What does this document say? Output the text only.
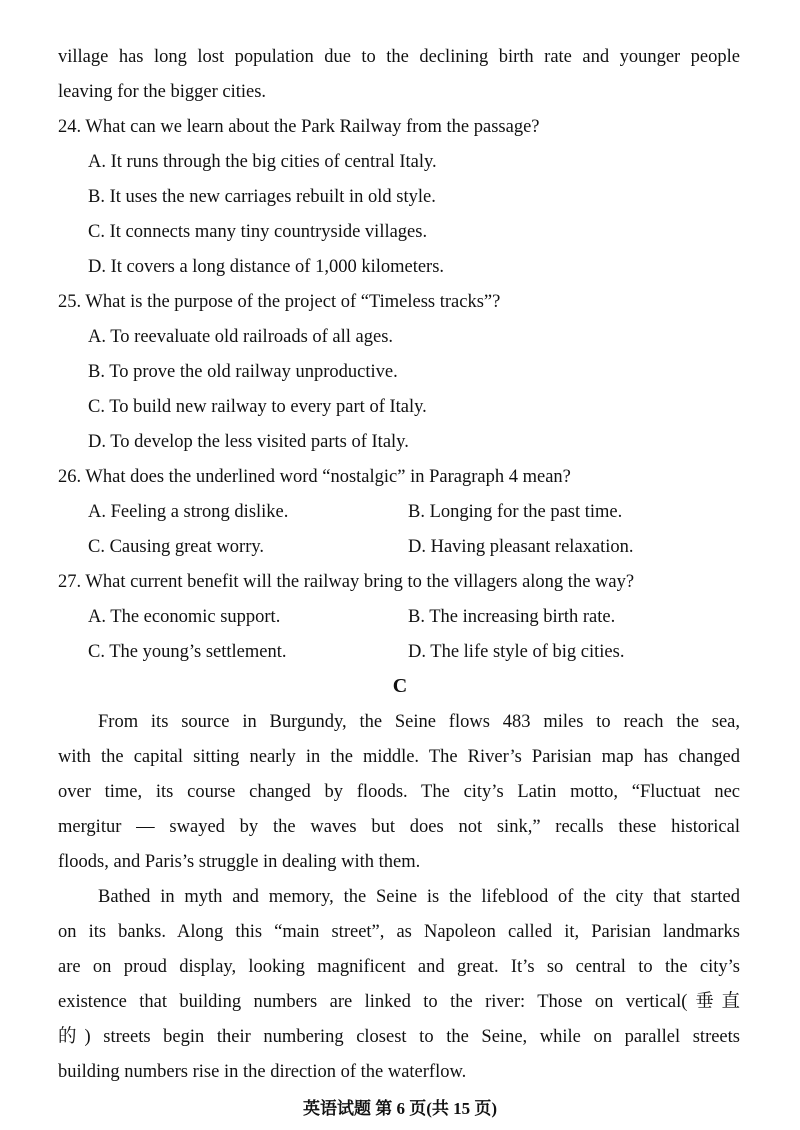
village has long lost population due to the declining birth rate and younger people
leaving for the bigger cities.
24. What can we learn about the Park Railway from the passage?
A. It runs through the big cities of central Italy.
B. It uses the new carriages rebuilt in old style.
C. It connects many tiny countryside villages.
D. It covers a long distance of 1,000 kilometers.
25. What is the purpose of the project of “Timeless tracks”?
A. To reevaluate old railroads of all ages.
B. To prove the old railway unproductive.
C. To build new railway to every part of Italy.
D. To develop the less visited parts of Italy.
26. What does the underlined word “nostalgic” in Paragraph 4 mean?
A. Feeling a strong dislike.	B. Longing for the past time.
C. Causing great worry.	D. Having pleasant relaxation.
27. What current benefit will the railway bring to the villagers along the way?
A. The economic support.	B. The increasing birth rate.
C. The young’s settlement.	D. The life style of big cities.
C
From its source in Burgundy, the Seine flows 483 miles to reach the sea,
with the capital sitting nearly in the middle. The River’s Parisian map has changed
over time, its course changed by floods. The city’s Latin motto, “Fluctuat nec
mergitur — swayed by the waves but does not sink,” recalls these historical
floods, and Paris’s struggle in dealing with them.
Bathed in myth and memory, the Seine is the lifeblood of the city that started
on its banks. Along this “main street”, as Napoleon called it, Parisian landmarks
are on proud display, looking magnificent and great. It’s so central to the city’s
existence that building numbers are linked to the river: Those on vertical(垂直
的) streets begin their numbering closest to the Seine, while on parallel streets
building numbers rise in the direction of the waterflow.
英语试题 第 6 页(共 15 页)
